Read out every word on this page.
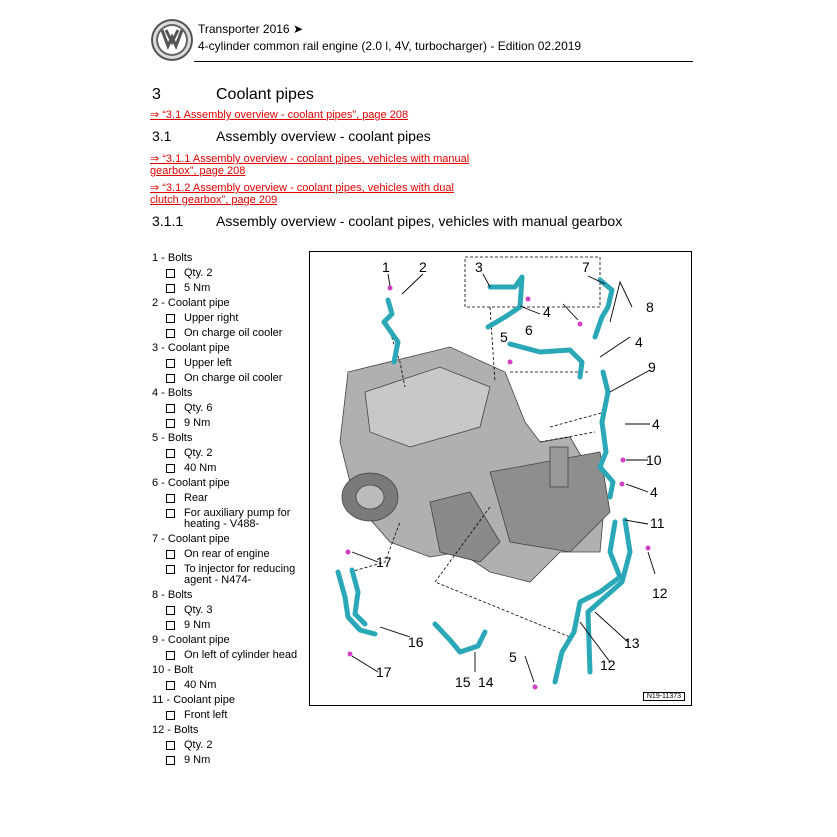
Transporter 2016 ➤
4-cylinder common rail engine (2.0 l, 4V, turbocharger) - Edition 02.2019
3	Coolant pipes
⇒ “3.1 Assembly overview - coolant pipes”, page 208
3.1	Assembly overview - coolant pipes
⇒ “3.1.1 Assembly overview - coolant pipes, vehicles with manual
gearbox”, page 208
⇒ “3.1.2 Assembly overview - coolant pipes, vehicles with dual
clutch gearbox”, page 209
3.1.1 Assembly overview - coolant pipes, vehicles with manual gearbox
1 - Bolts
Qty. 2
5 Nm
2 - Coolant pipe
Upper right
On charge oil cooler
3 - Coolant pipe
Upper left
On charge oil cooler
4 - Bolts
Qty. 6
9 Nm
5 - Bolts
Qty. 2
40 Nm
6 - Coolant pipe
Rear
For auxiliary pump for heating - V488-
7 - Coolant pipe
On rear of engine
To injector for reducing agent - N474-
8 - Bolts
Qty. 3
9 Nm
9 - Coolant pipe
On left of cylinder head
10 - Bolt
40 Nm
11 - Coolant pipe
Front left
12 - Bolts
Qty. 2
9 Nm
1 2	3
4
5 6
7
8
4
9
4
10
4
11
12
13
12
5
14
15
16
17
17
N19-11373
